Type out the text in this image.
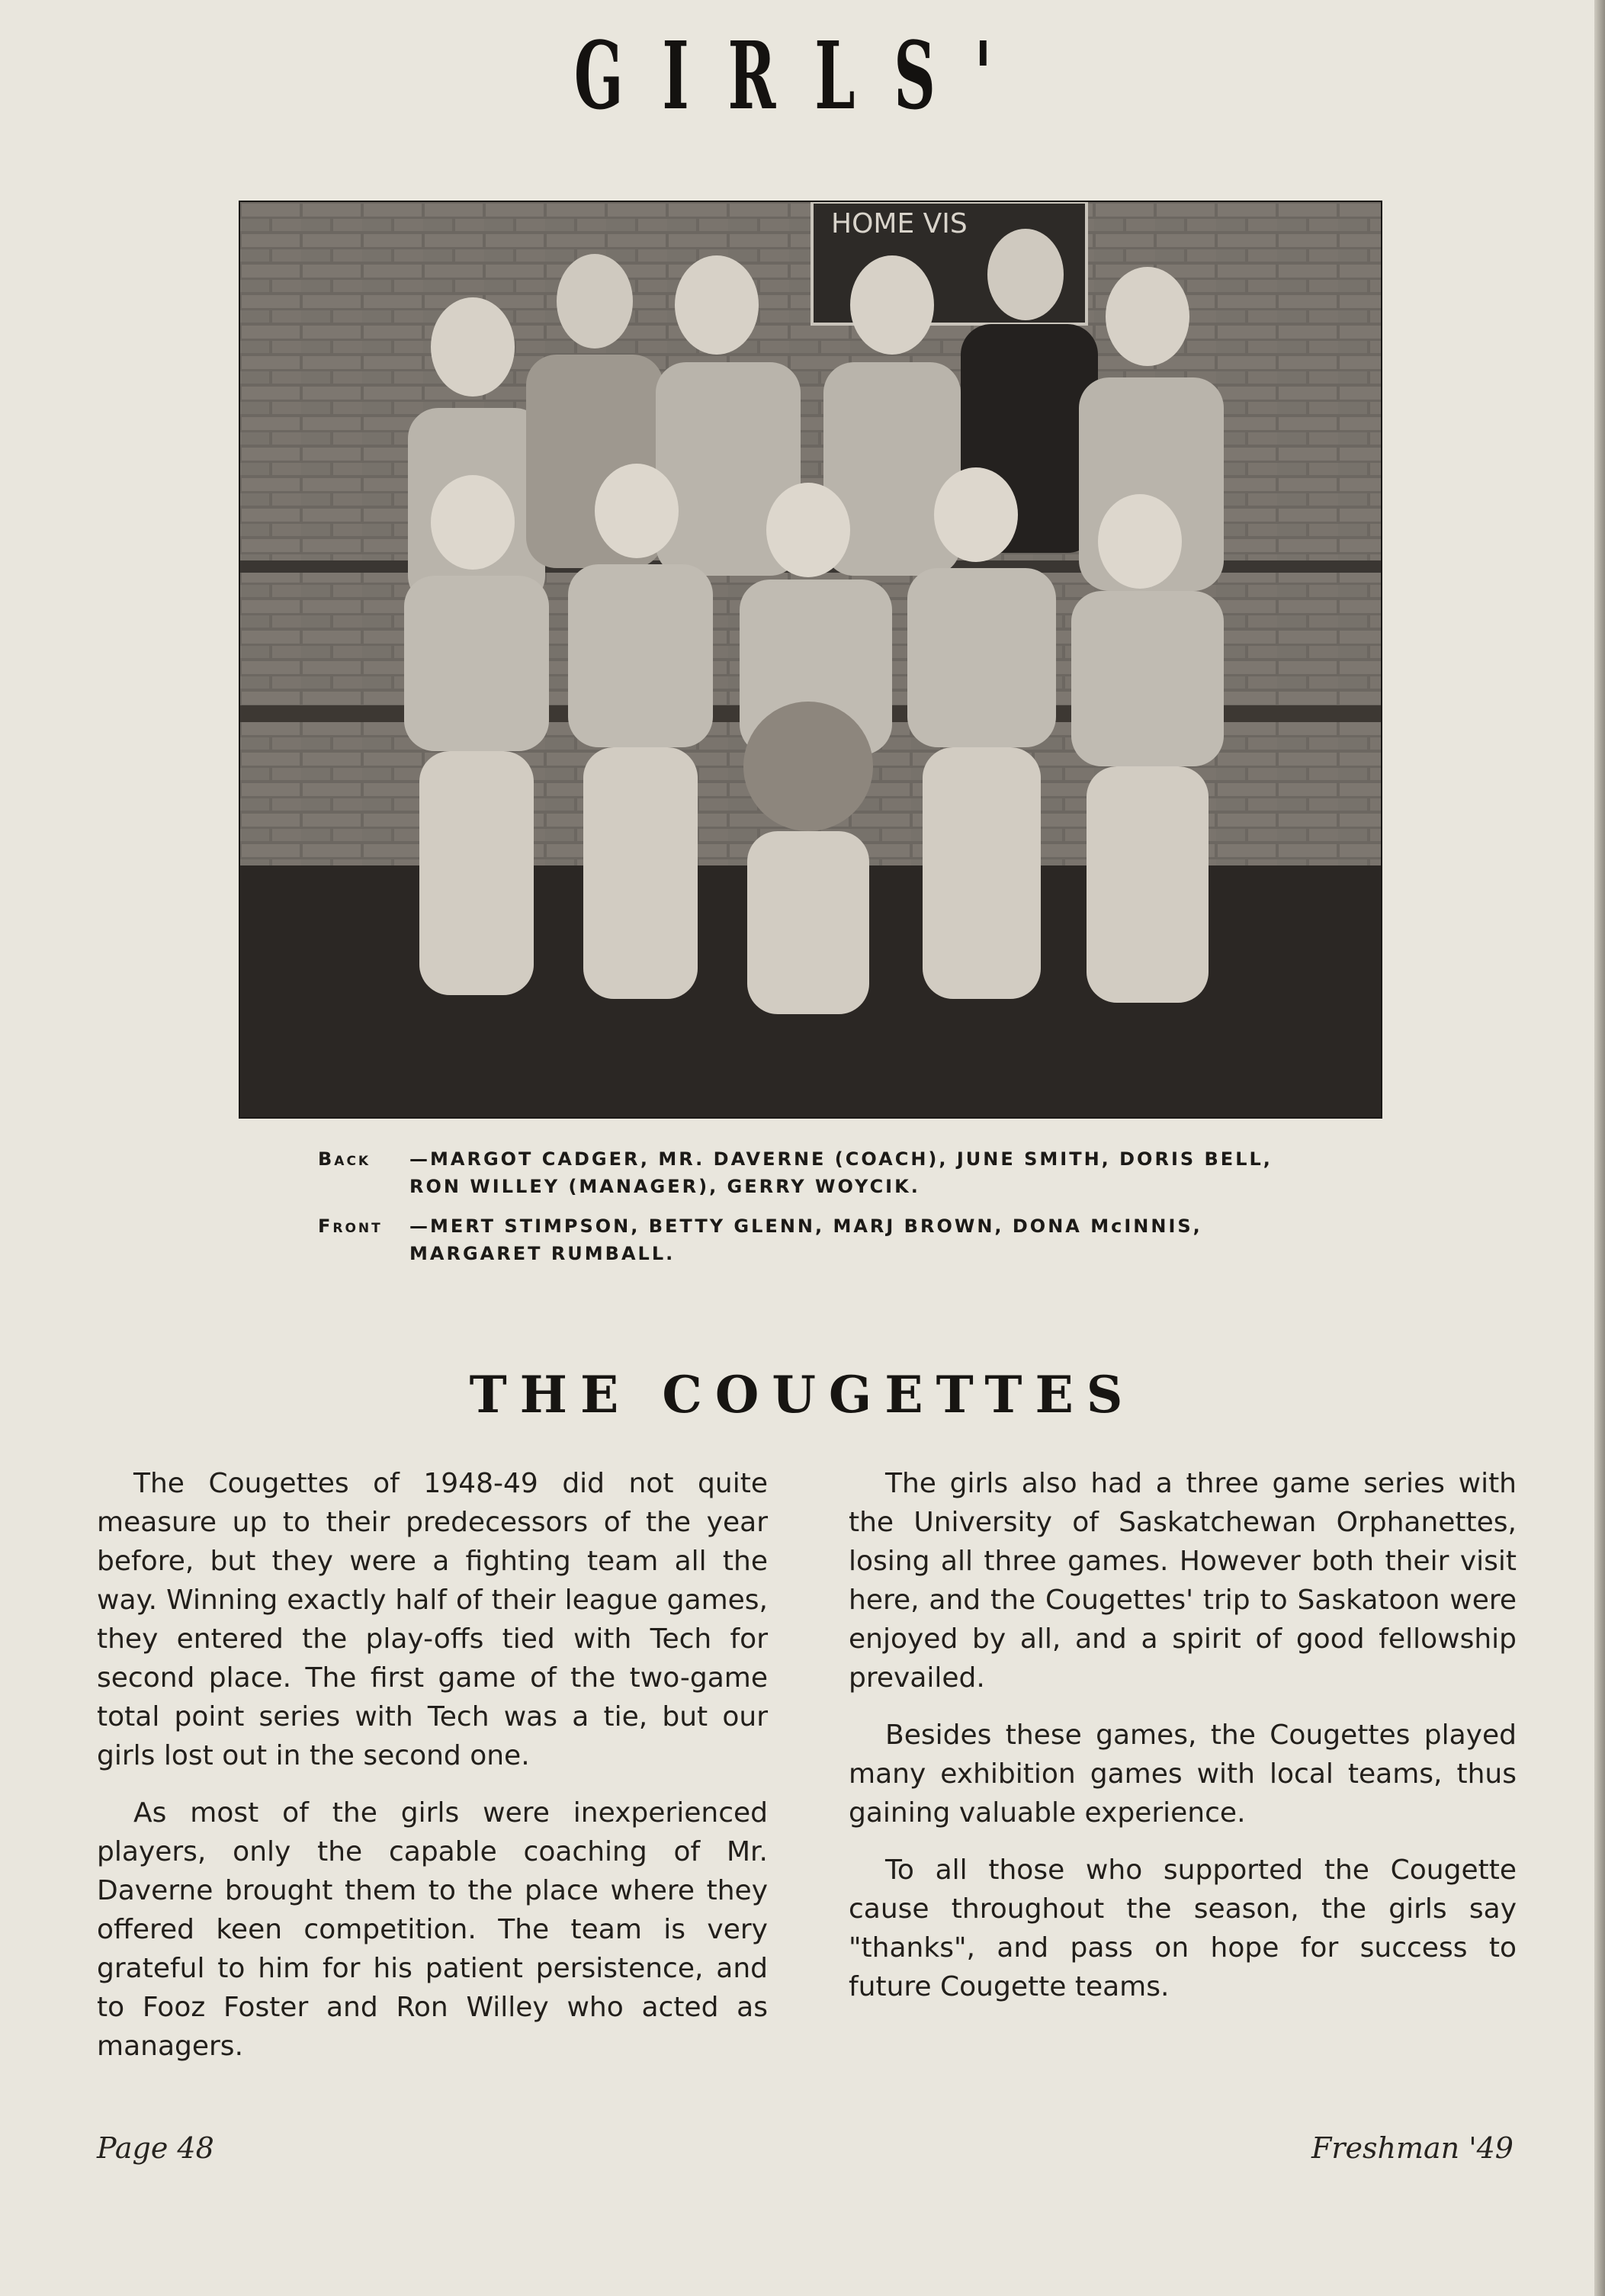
GIRLS'
HOME VIS
Back —MARGOT CADGER, MR. DAVERNE (COACH), JUNE SMITH, DORIS BELL,
RON WILLEY (MANAGER), GERRY WOYCIK.
Front —MERT STIMPSON, BETTY GLENN, MARJ BROWN, DONA McINNIS,
MARGARET RUMBALL.
THE COUGETTES

The Cougettes of 1948-49 did not quite measure up to their predecessors of the year before, but they were a fighting team all the way. Winning exactly half of their league games, they entered the play-offs tied with Tech for second place. The first game of the two-game total point series with Tech was a tie, but our girls lost out in the second one.

As most of the girls were inexperienced players, only the capable coaching of Mr. Daverne brought them to the place where they offered keen competition. The team is very grateful to him for his patient persistence, and to Fooz Foster and Ron Willey who acted as managers.

The girls also had a three game series with the University of Saskatchewan Orphanettes, losing all three games. However both their visit here, and the Cougettes' trip to Saskatoon were enjoyed by all, and a spirit of good fellowship prevailed.

Besides these games, the Cougettes played many exhibition games with local teams, thus gaining valuable experience.

To all those who supported the Cougette cause throughout the season, the girls say "thanks", and pass on hope for success to future Cougette teams.

Page 48	Freshman '49
